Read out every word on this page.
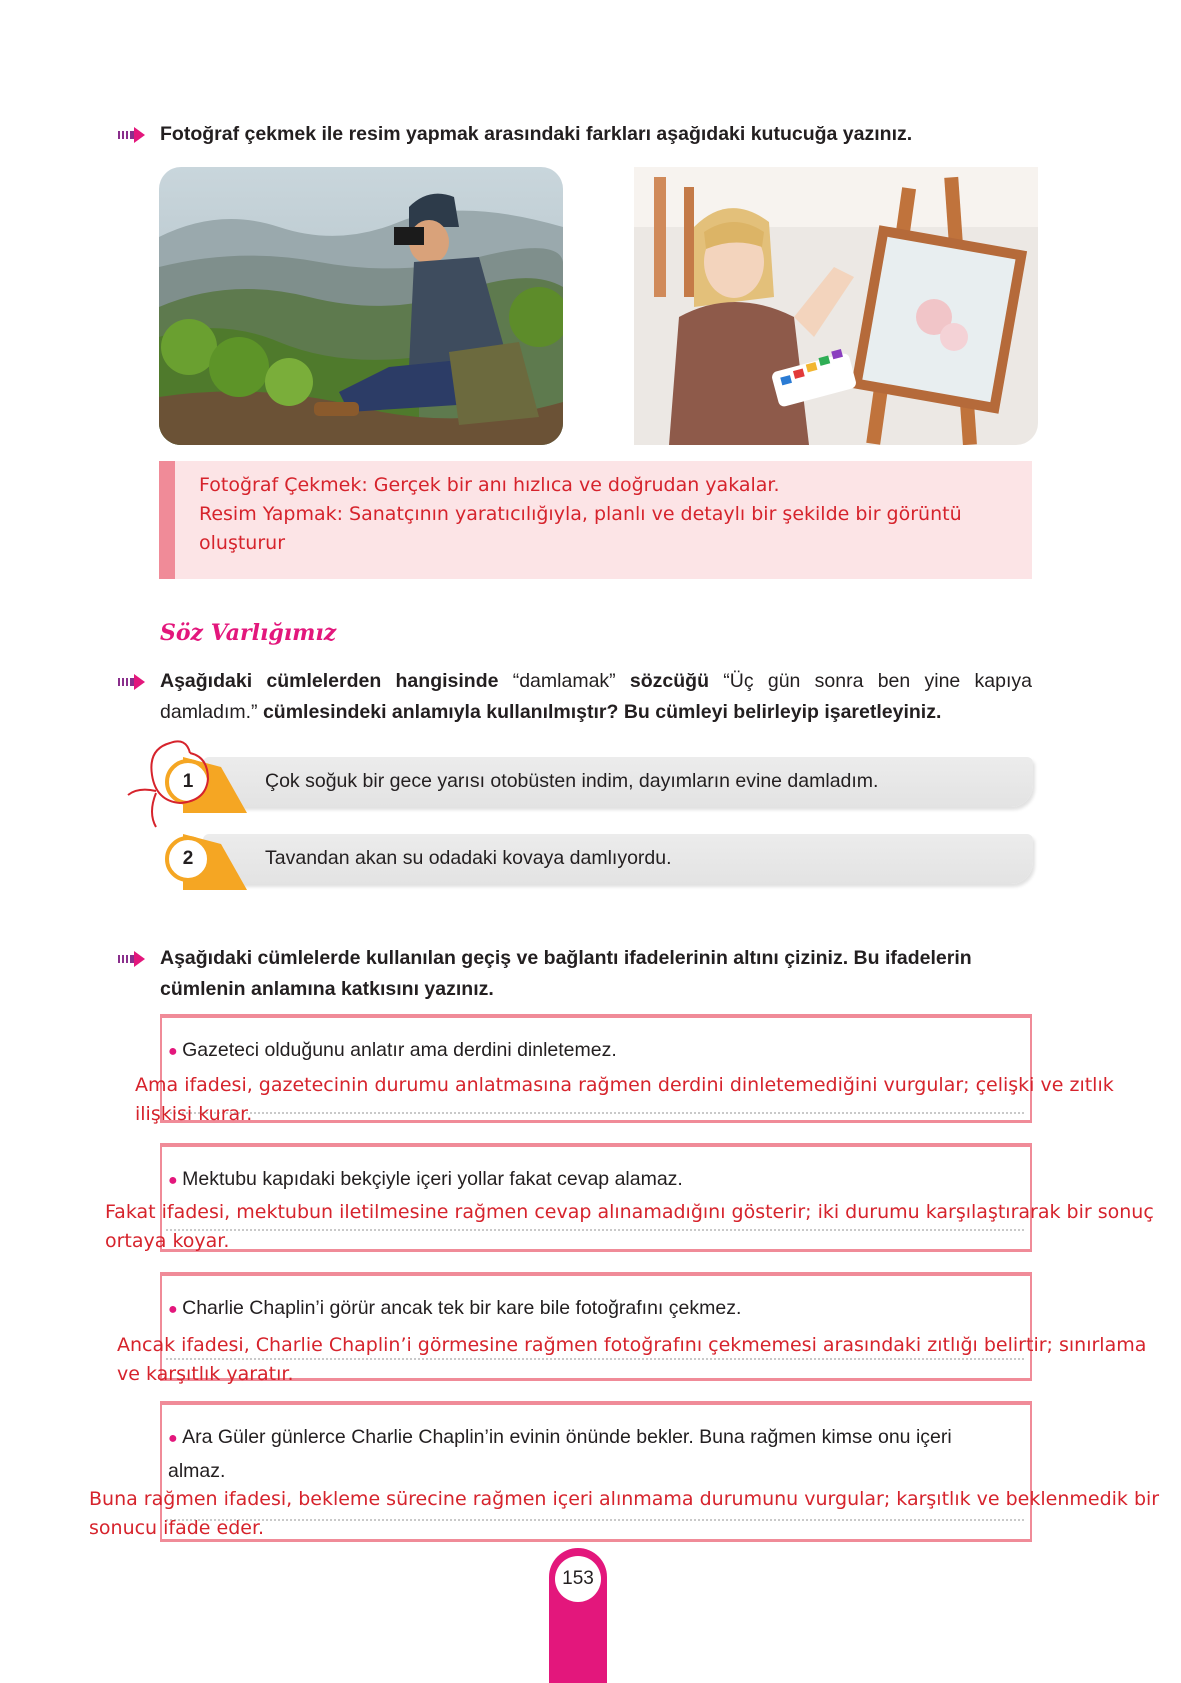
Fotoğraf çekmek ile resim yapmak arasındaki farkları aşağıdaki kutucuğa yazınız.
Fotoğraf Çekmek: Gerçek bir anı hızlıca ve doğrudan yakalar.
Resim Yapmak: Sanatçının yaratıcılığıyla, planlı ve detaylı bir şekilde bir görüntü
oluşturur
Söz Varlığımız
Aşağıdaki cümlelerden hangisinde “damlamak” sözcüğü “Üç gün sonra ben yine kapıya damladım.” cümlesindeki anlamıyla kullanılmıştır? Bu cümleyi belirleyip işaretleyiniz.
1	Çok soğuk bir gece yarısı otobüsten indim, dayımların evine damladım.
2	Tavandan akan su odadaki kovaya damlıyordu.
Aşağıdaki cümlelerde kullanılan geçiş ve bağlantı ifadelerinin altını çiziniz. Bu ifadelerin
cümlenin anlamına katkısını yazınız.
● Gazeteci olduğunu anlatır ama derdini dinletemez.
Ama ifadesi, gazetecinin durumu anlatmasına rağmen derdini dinletemediğini vurgular; çelişki ve zıtlık
ilişkisi kurar.
● Mektubu kapıdaki bekçiyle içeri yollar fakat cevap alamaz.
Fakat ifadesi, mektubun iletilmesine rağmen cevap alınamadığını gösterir; iki durumu karşılaştırarak bir sonuç
ortaya koyar.
● Charlie Chaplin’i görür ancak tek bir kare bile fotoğrafını çekmez.
Ancak ifadesi, Charlie Chaplin’i görmesine rağmen fotoğrafını çekmemesi arasındaki zıtlığı belirtir; sınırlama
ve karşıtlık yaratır.
● Ara Güler günlerce Charlie Chaplin’in evinin önünde bekler. Buna rağmen kimse onu içeri
almaz.
Buna rağmen ifadesi, bekleme sürecine rağmen içeri alınmama durumunu vurgular; karşıtlık ve beklenmedik bir
sonucu ifade eder.
153
